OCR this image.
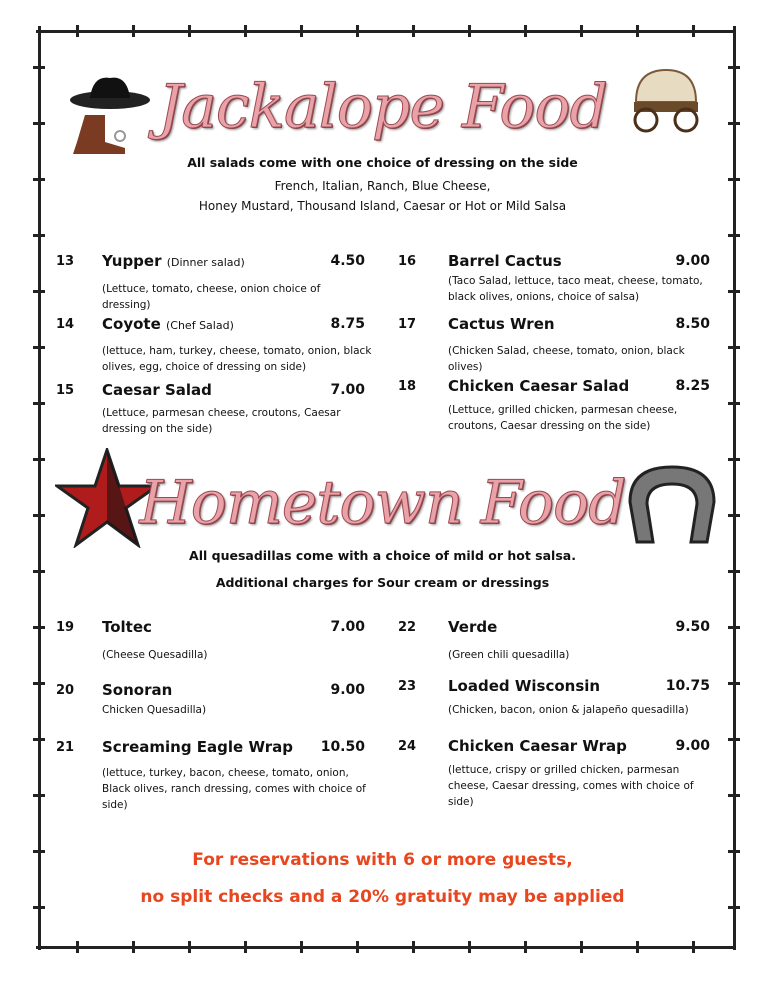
Jackalope Food
All salads come with one choice of dressing on the side
French, Italian, Ranch, Blue Cheese,
Honey Mustard, Thousand Island, Caesar or Hot or Mild Salsa
13 Yupper (Dinner salad)	4.50
(Lettuce, tomato, cheese, onion choice of dressing)
14 Coyote (Chef Salad)	8.75
(lettuce, ham, turkey, cheese, tomato, onion, black olives, egg, choice of dressing on side)
15 Caesar Salad	7.00
(Lettuce, parmesan cheese, croutons, Caesar dressing on the side)
16 Barrel Cactus	9.00
(Taco Salad, lettuce, taco meat, cheese, tomato, black olives, onions, choice of salsa)
17 Cactus Wren	8.50
(Chicken Salad, cheese, tomato, onion, black olives)
18 Chicken Caesar Salad	8.25
(Lettuce, grilled chicken, parmesan cheese, croutons, Caesar dressing on the side)
Hometown Food
All quesadillas come with a choice of mild or hot salsa.
Additional charges for Sour cream or dressings
19 Toltec	7.00
(Cheese Quesadilla)
20 Sonoran	9.00
Chicken Quesadilla)
21 Screaming Eagle Wrap	10.50
(lettuce, turkey, bacon, cheese, tomato, onion, Black olives, ranch dressing, comes with choice of side)
22 Verde	9.50
(Green chili quesadilla)
23 Loaded Wisconsin	10.75
(Chicken, bacon, onion & jalapeño quesadilla)
24 Chicken Caesar Wrap	9.00
(lettuce, crispy or grilled chicken, parmesan cheese, Caesar dressing, comes with choice of side)
For reservations with 6 or more guests,
no split checks and a 20% gratuity may be applied
